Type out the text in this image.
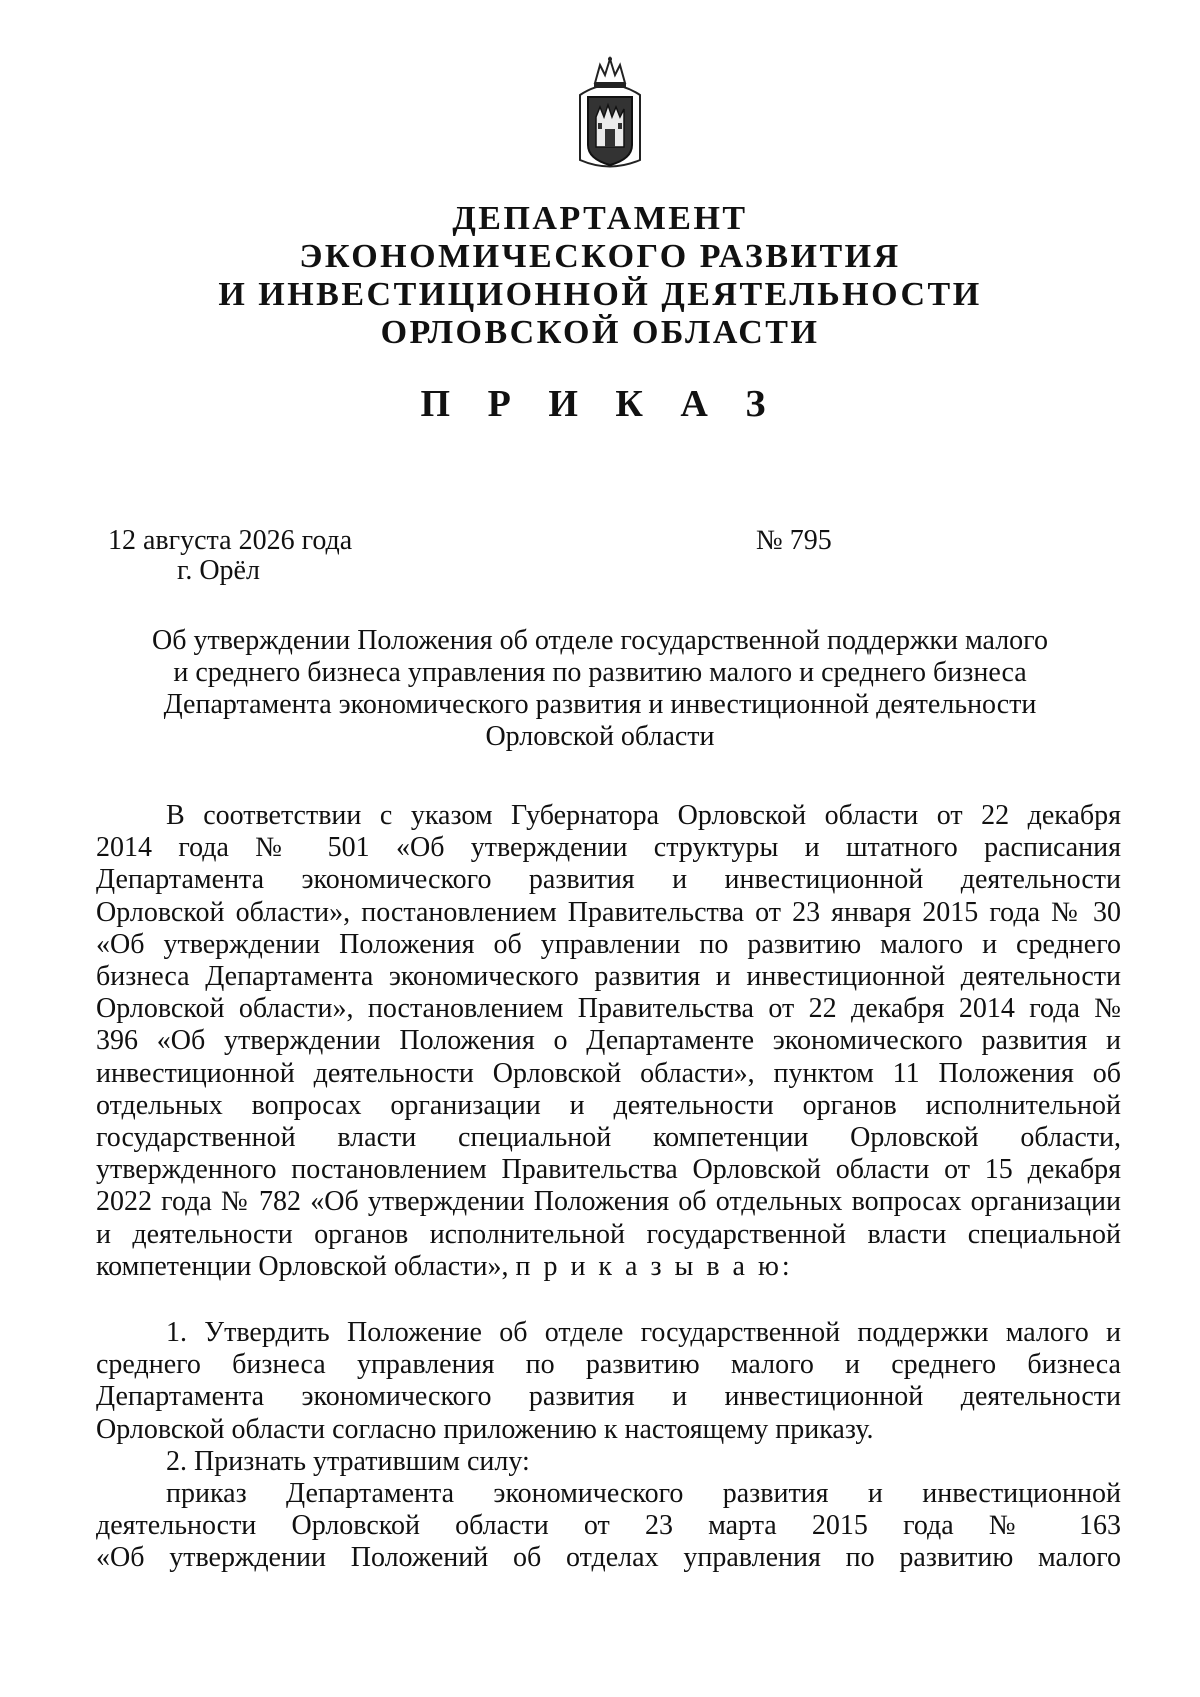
ДЕПАРТАМЕНТ
ЭКОНОМИЧЕСКОГО РАЗВИТИЯ
И ИНВЕСТИЦИОННОЙ ДЕЯТЕЛЬНОСТИ
ОРЛОВСКОЙ ОБЛАСТИ
П Р И К А З
12 августа 2026 года
г. Орёл
№ 795
Об утверждении Положения об отделе государственной поддержки малого
и среднего бизнеса управления по развитию малого и среднего бизнеса
Департамента экономического развития и инвестиционной деятельности
Орловской области
В соответствии с указом Губернатора Орловской области от 22 декабря
2014 года № 501 «Об утверждении структуры и штатного расписания
Департамента экономического развития и инвестиционной деятельности
Орловской области», постановлением Правительства от 23 января 2015 года № 30
«Об утверждении Положения об управлении по развитию малого и среднего
бизнеса Департамента экономического развития и инвестиционной деятельности
Орловской области», постановлением Правительства от 22 декабря 2014 года №
396 «Об утверждении Положения о Департаменте экономического развития и
инвестиционной деятельности Орловской области», пунктом 11 Положения об
отдельных вопросах организации и деятельности органов исполнительной
государственной власти специальной компетенции Орловской области,
утвержденного постановлением Правительства Орловской области от 15 декабря
2022 года № 782 «Об утверждении Положения об отдельных вопросах организации
и деятельности органов исполнительной государственной власти специальной
компетенции Орловской области», п р и к а з ы в а ю:
1. Утвердить Положение об отделе государственной поддержки малого и
среднего бизнеса управления по развитию малого и среднего бизнеса
Департамента экономического развития и инвестиционной деятельности
Орловской области согласно приложению к настоящему приказу.
2. Признать утратившим силу:
приказ Департамента экономического развития и инвестиционной
деятельности Орловской области от 23 марта 2015 года № 163
«Об утверждении Положений об отделах управления по развитию малого
